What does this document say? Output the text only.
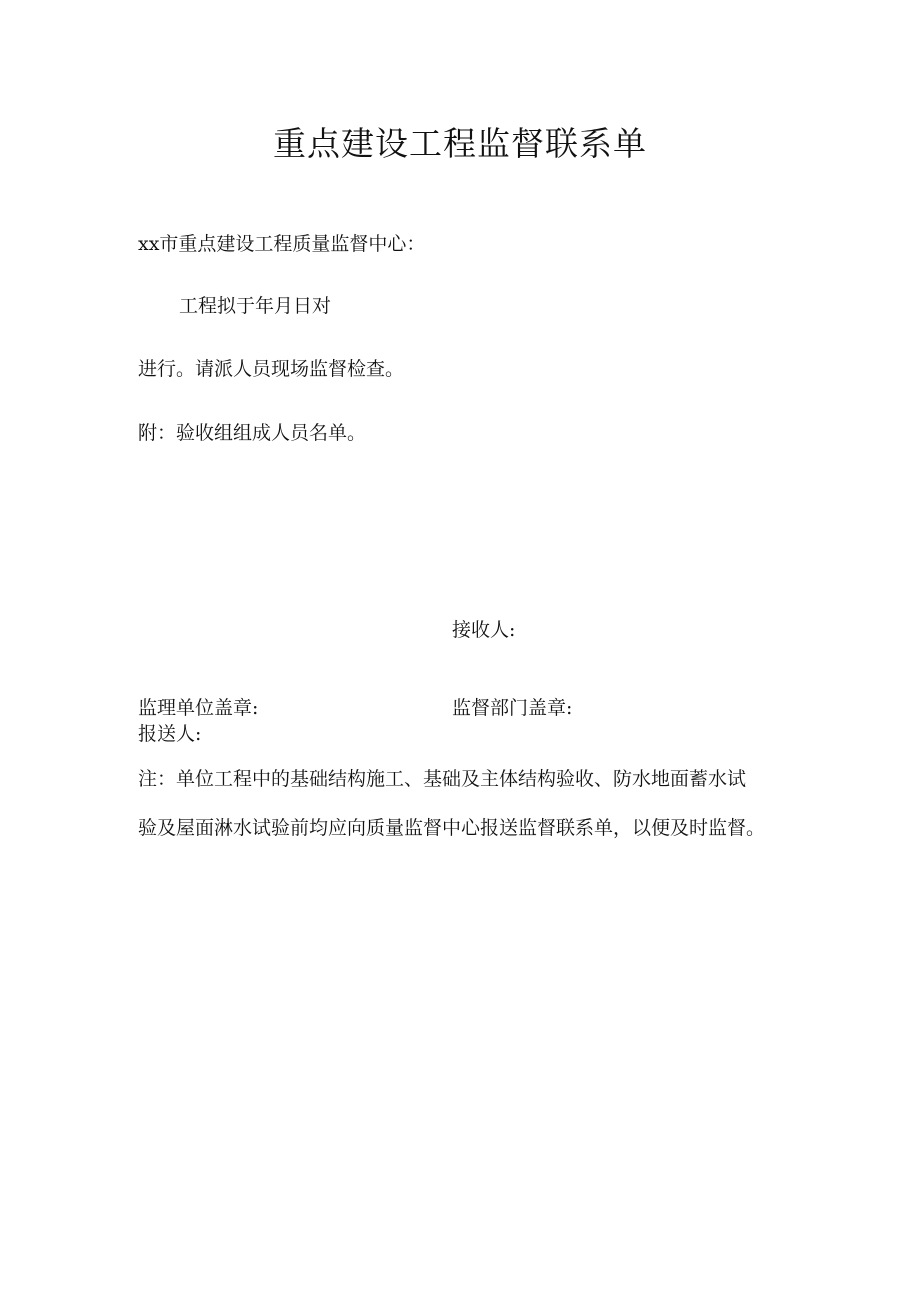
重点建设工程监督联系单
xx市重点建设工程质量监督中心：
工程拟于年月日对
进行。请派人员现场监督检查。
附：验收组组成人员名单。
接收人:
监理单位盖章:	监督部门盖章:
报送人:
注：单位工程中的基础结构施工、基础及主体结构验收、防水地面蓄水试
验及屋面淋水试验前均应向质量监督中心报送监督联系单，以便及时监督。
